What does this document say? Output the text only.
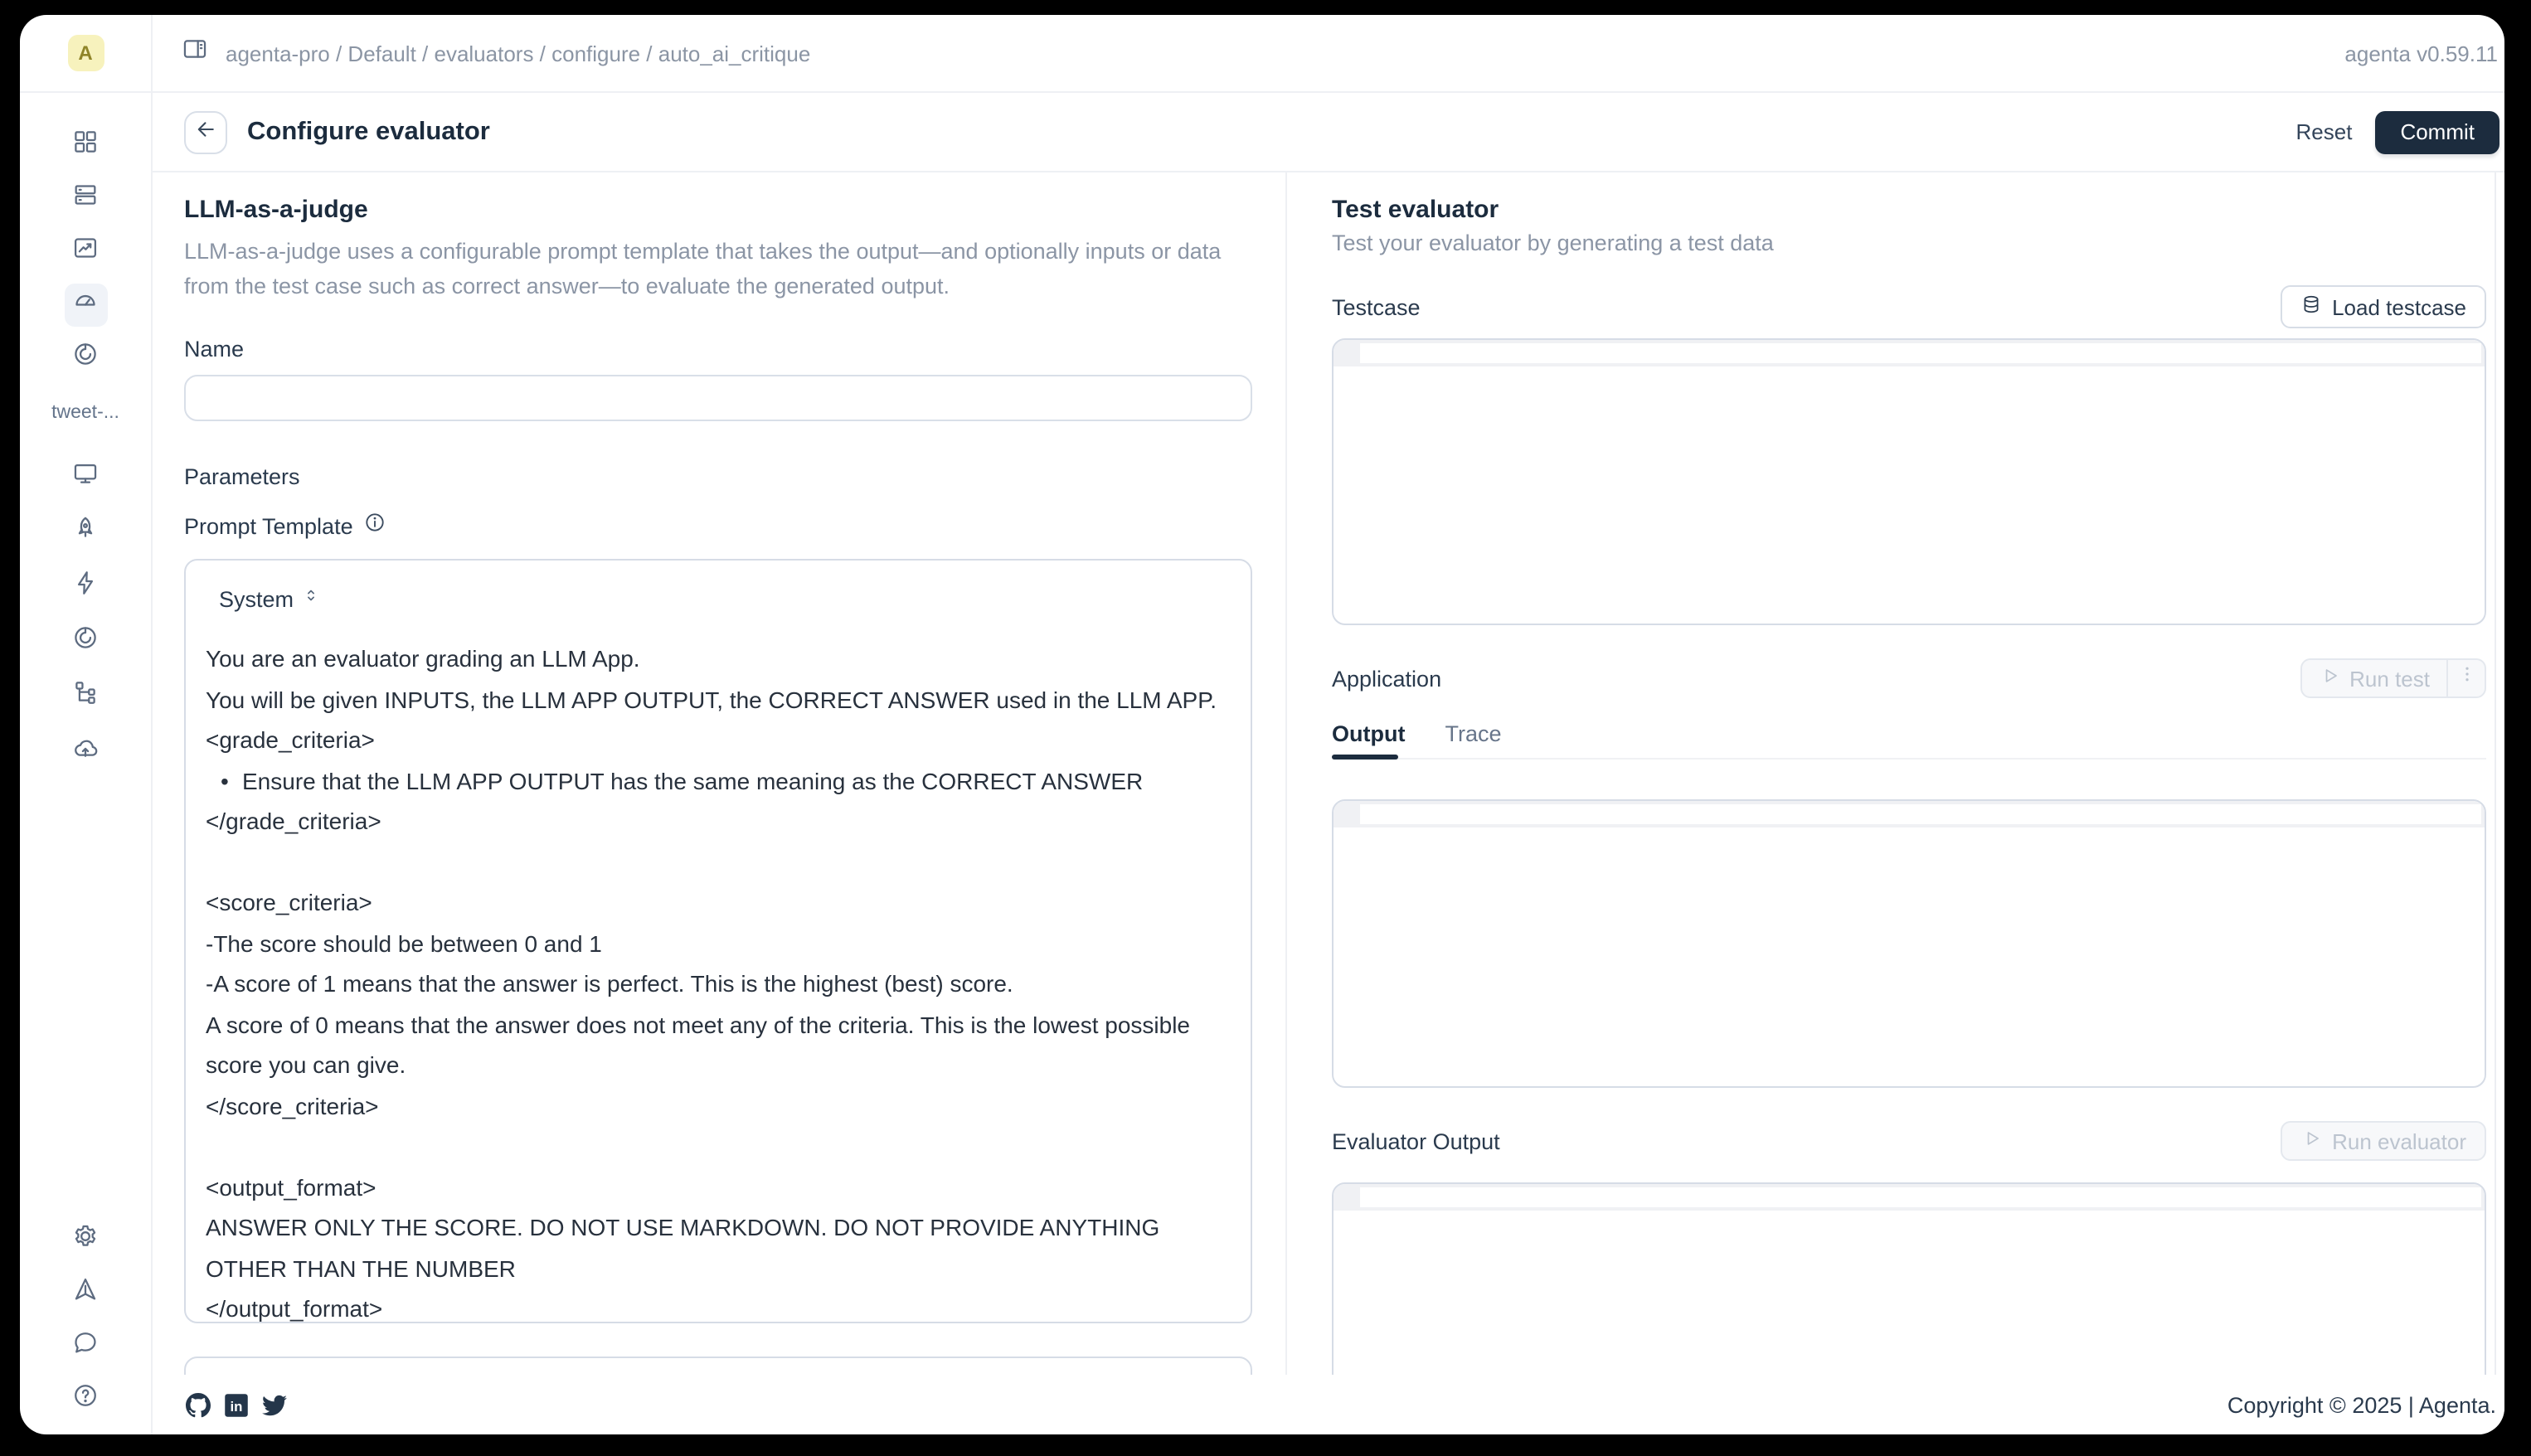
A
tweet-...
agenta-pro / Default / evaluators / configure / auto_ai_critique	agenta v0.59.11
Configure evaluator	Reset	Commit
LLM-as-a-judge

LLM-as-a-judge uses a configurable prompt template that takes the output—and optionally inputs or data from the test case such as correct answer—to evaluate the generated output.

Name
Parameters
Prompt Template
System
You are an evaluator grading an LLM App.
You will be given INPUTS, the LLM APP OUTPUT, the CORRECT ANSWER used in the LLM APP.
<grade_criteria>
• Ensure that the LLM APP OUTPUT has the same meaning as the CORRECT ANSWER
</grade_criteria>
<score_criteria>
-The score should be between 0 and 1
-A score of 1 means that the answer is perfect. This is the highest (best) score.
A score of 0 means that the answer does not meet any of the criteria. This is the lowest possible score you can give.
</score_criteria>
<output_format>
ANSWER ONLY THE SCORE. DO NOT USE MARKDOWN. DO NOT PROVIDE ANYTHING OTHER THAN THE NUMBER
</output_format>
Test evaluator

Test your evaluator by generating a test data

Testcase	Load testcase
Application	Run test
Output	Trace
Evaluator Output	Run evaluator
in	Copyright © 2025 | Agenta.
